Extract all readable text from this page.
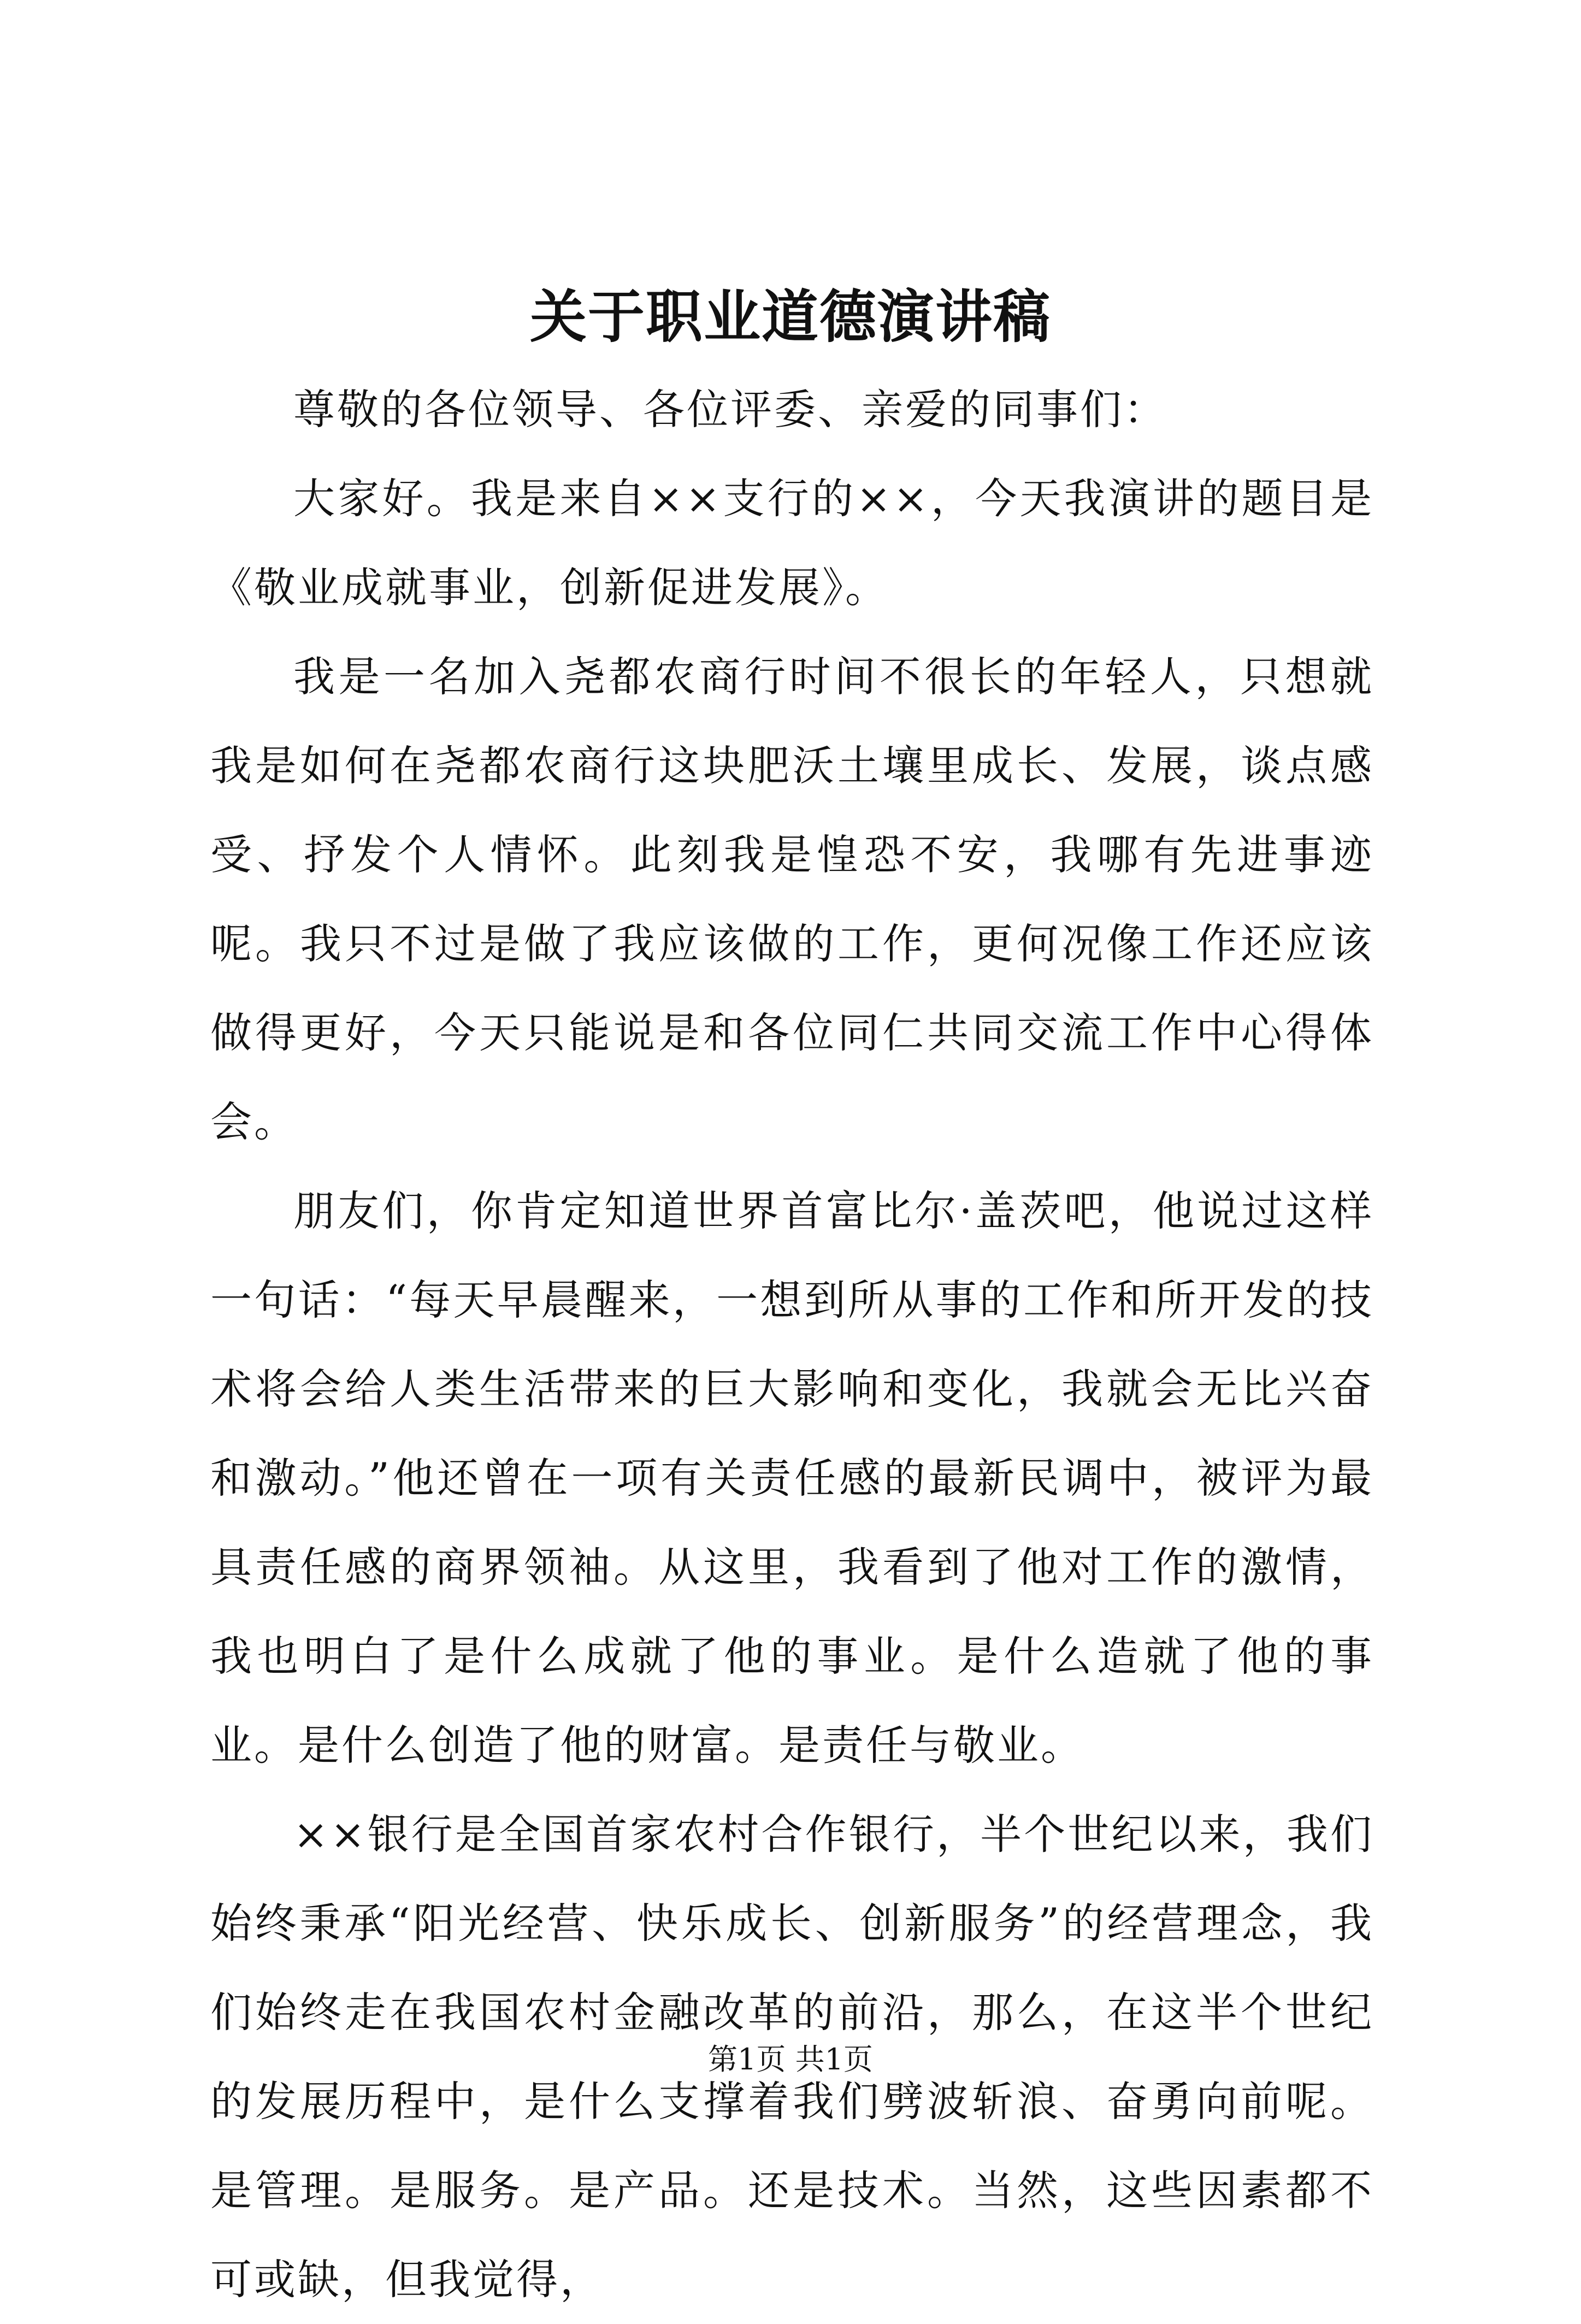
关于职业道德演讲稿

尊敬的各位领导、各位评委、亲爱的同事们：

大家好。我是来自××支行的××，今天我演讲的题目是《敬业成就事业，创新促进发展》。

我是一名加入尧都农商行时间不很长的年轻人，只想就我是如何在尧都农商行这块肥沃土壤里成长、发展，谈点感受、抒发个人情怀。此刻我是惶恐不安，我哪有先进事迹呢。我只不过是做了我应该做的工作，更何况像工作还应该做得更好，今天只能说是和各位同仁共同交流工作中心得体会。

朋友们，你肯定知道世界首富比尔·盖茨吧，他说过这样一句话：“每天早晨醒来，一想到所从事的工作和所开发的技术将会给人类生活带来的巨大影响和变化，我就会无比兴奋和激动。”他还曾在一项有关责任感的最新民调中，被评为最具责任感的商界领袖。从这里，我看到了他对工作的激情，我也明白了是什么成就了他的事业。是什么造就了他的事业。是什么创造了他的财富。是责任与敬业。

××银行是全国首家农村合作银行，半个世纪以来，我们始终秉承“阳光经营、快乐成长、创新服务”的经营理念，我们始终走在我国农村金融改革的前沿，那么，在这半个世纪的发展历程中，是什么支撑着我们劈波斩浪、奋勇向前呢。是管理。是服务。是产品。还是技术。当然，这些因素都不可或缺，但我觉得，

第1页 共1页
